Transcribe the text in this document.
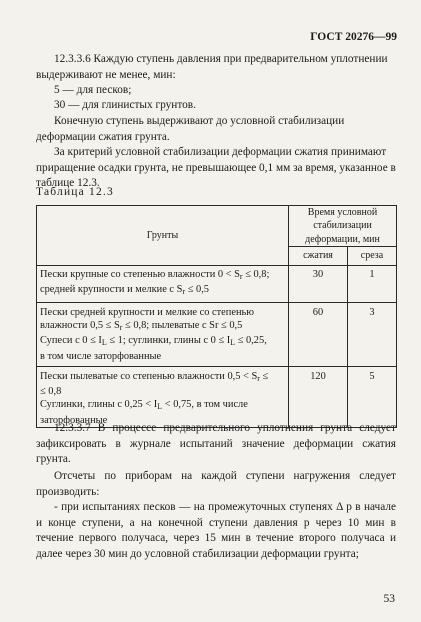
ГОСТ 20276—99
12.3.3.6 Каждую ступень давления при предварительном уплотнении выдерживают не менее, мин:
5 — для песков;
30 — для глинистых грунтов.
Конечную ступень выдерживают до условной стабилизации деформации сжатия грунта.
За критерий условной стабилизации деформации сжатия принимают приращение осадки грунта, не превышающее 0,1 мм за время, указанное в таблице 12.3.
Таблица 12.3
Грунты	Время условной стабилизации деформации, мин	
	сжатия	среза

Пески крупные со степенью влажности $0 < S_r \le 0,8$;
средней крупности и мелкие с $S_r \le 0,5$	30	1

Пески средней крупности и мелкие со степенью
влажности $0,5 \le S_r \le 0,8$; пылеватые с Sr ≤ 0,5
Супеси с $0 \le I_L \le 1$; суглинки, глины с $0 \le I_L \le 0,25$,
в том числе заторфованные	60	3

Пески пылеватые со степенью влажности $0,5 < S_r$ ≤
≤ 0,8
Суглинки, глины с $0,25 < I_L < 0,75$, в том числе
заторфованные	120	5
12.3.3.7 В процессе предварительного уплотнения грунта следует зафиксировать в журнале испытаний значение деформации сжатия грунта.
Отсчеты по приборам на каждой ступени нагружения следует производить:
- при испытаниях песков — на промежуточных ступенях Δ p в начале и конце ступени, а на конечной ступени давления p через 10 мин в течение первого получаса, через 15 мин в течение второго получаса и далее через 30 мин до условной стабилизации деформации грунта;
53
